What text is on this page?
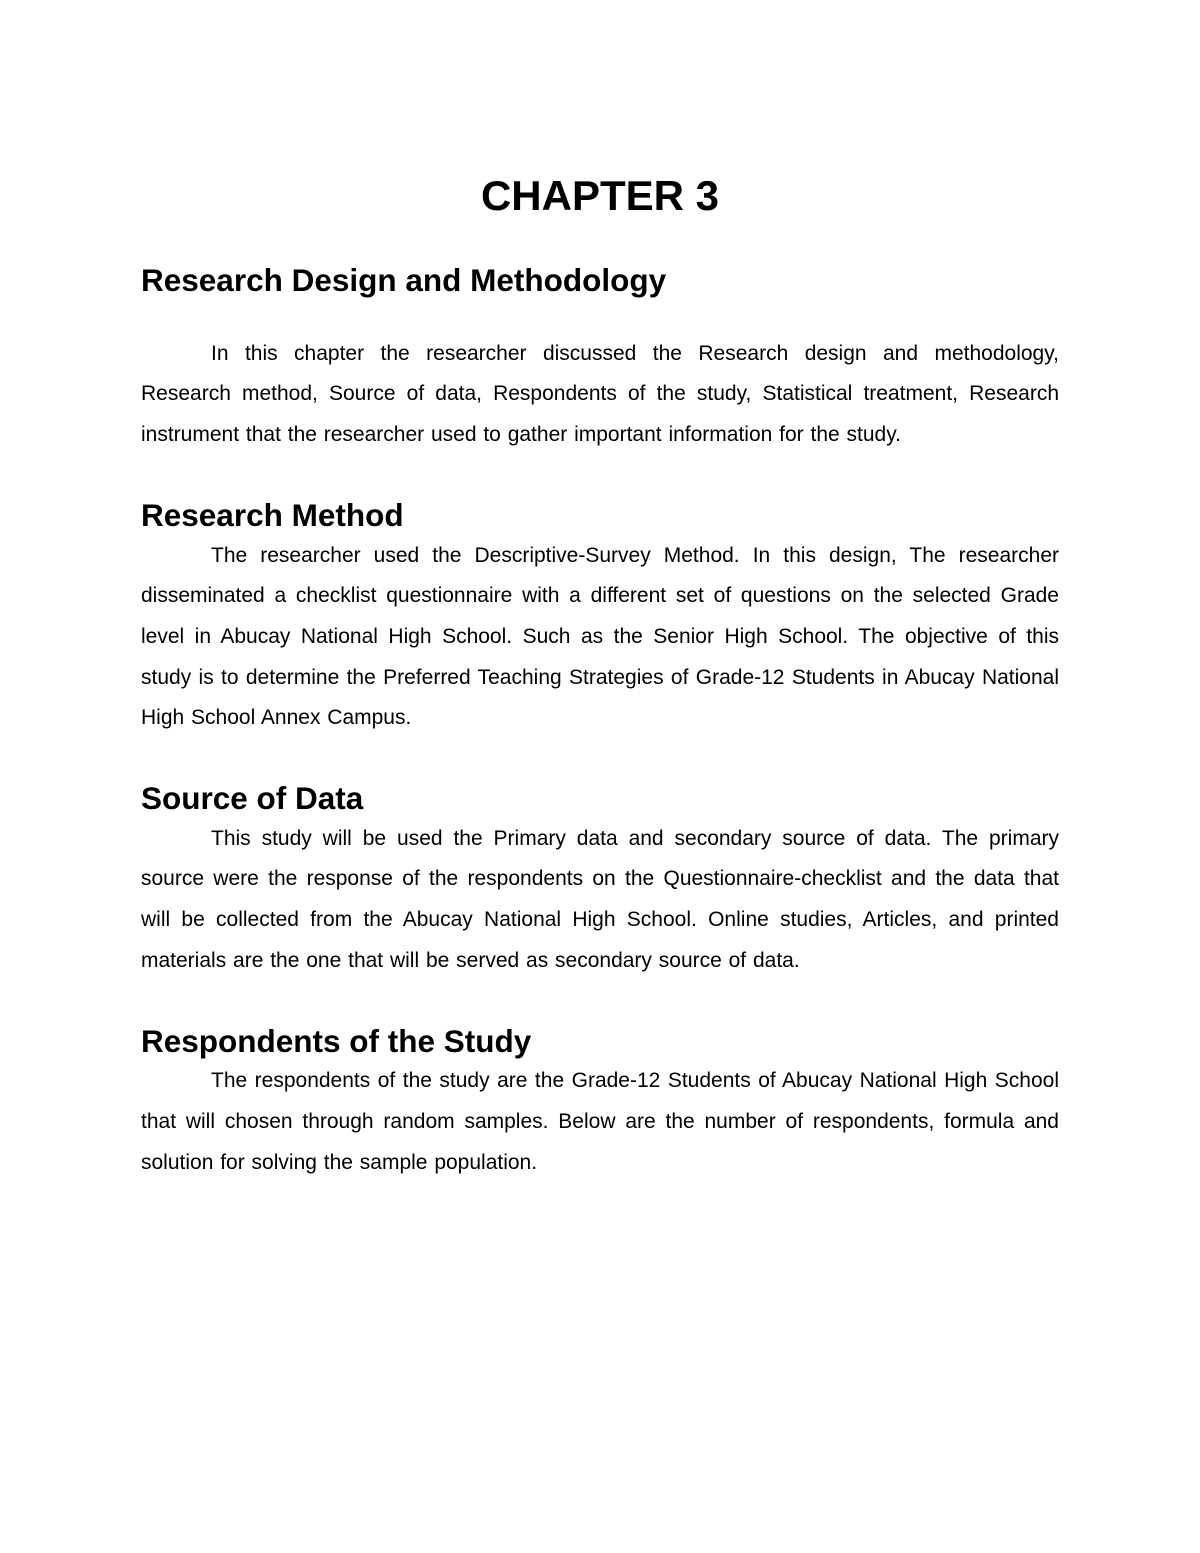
CHAPTER 3
Research Design and Methodology

In this chapter the researcher discussed the Research design and methodology, Research method, Source of data, Respondents of the study, Statistical treatment, Research instrument that the researcher used to gather important information for the study.

Research Method

The researcher used the Descriptive-Survey Method. In this design, The researcher disseminated a checklist questionnaire with a different set of questions on the selected Grade level in Abucay National High School. Such as the Senior High School. The objective of this study is to determine the Preferred Teaching Strategies of Grade-12 Students in Abucay National High School Annex Campus.

Source of Data

This study will be used the Primary data and secondary source of data. The primary source were the response of the respondents on the Questionnaire-checklist and the data that will be collected from the Abucay National High School. Online studies, Articles, and printed materials are the one that will be served as secondary source of data.

Respondents of the Study

The respondents of the study are the Grade-12 Students of Abucay National High School that will chosen through random samples. Below are the number of respondents, formula and solution for solving the sample population.
